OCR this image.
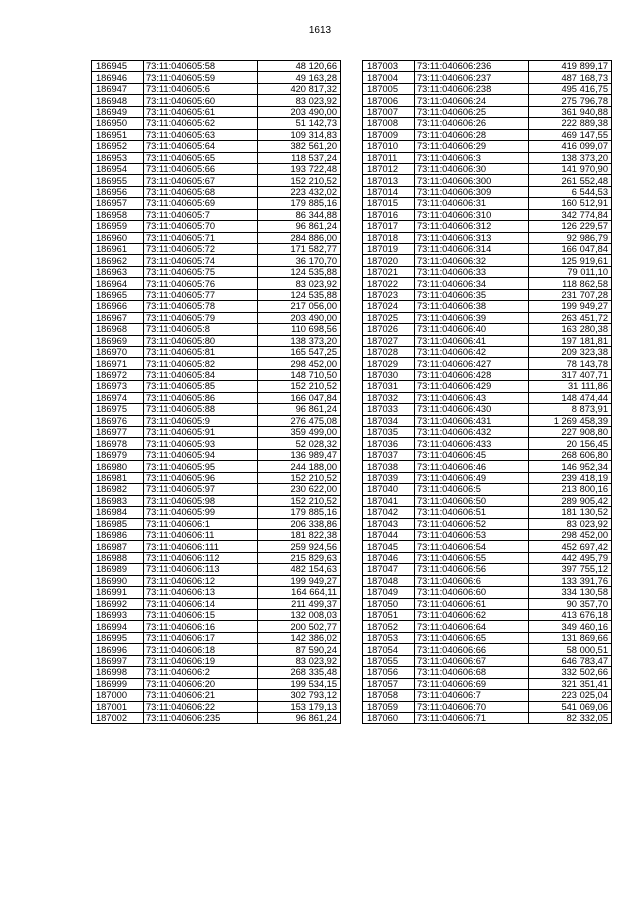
1613
186945	73:11:040605:58	48 120,66
186946	73:11:040605:59	49 163,28
186947	73:11:040605:6	420 817,32
186948	73:11:040605:60	83 023,92
186949	73:11:040605:61	203 490,00
186950	73:11:040605:62	51 142,73
186951	73:11:040605:63	109 314,83
186952	73:11:040605:64	382 561,20
186953	73:11:040605:65	118 537,24
186954	73:11:040605:66	193 722,48
186955	73:11:040605:67	152 210,52
186956	73:11:040605:68	223 432,02
186957	73:11:040605:69	179 885,16
186958	73:11:040605:7	86 344,88
186959	73:11:040605:70	96 861,24
186960	73:11:040605:71	284 886,00
186961	73:11:040605:72	171 582,77
186962	73:11:040605:74	36 170,70
186963	73:11:040605:75	124 535,88
186964	73:11:040605:76	83 023,92
186965	73:11:040605:77	124 535,88
186966	73:11:040605:78	217 056,00
186967	73:11:040605:79	203 490,00
186968	73:11:040605:8	110 698,56
186969	73:11:040605:80	138 373,20
186970	73:11:040605:81	165 547,25
186971	73:11:040605:82	298 452,00
186972	73:11:040605:84	148 710,50
186973	73:11:040605:85	152 210,52
186974	73:11:040605:86	166 047,84
186975	73:11:040605:88	96 861,24
186976	73:11:040605:9	276 475,08
186977	73:11:040605:91	359 499,00
186978	73:11:040605:93	52 028,32
186979	73:11:040605:94	136 989,47
186980	73:11:040605:95	244 188,00
186981	73:11:040605:96	152 210,52
186982	73:11:040605:97	230 622,00
186983	73:11:040605:98	152 210,52
186984	73:11:040605:99	179 885,16
186985	73:11:040606:1	206 338,86
186986	73:11:040606:11	181 822,38
186987	73:11:040606:111	259 924,56
186988	73:11:040606:112	215 829,63
186989	73:11:040606:113	482 154,63
186990	73:11:040606:12	199 949,27
186991	73:11:040606:13	164 664,11
186992	73:11:040606:14	211 499,37
186993	73:11:040606:15	132 008,03
186994	73:11:040606:16	200 502,77
186995	73:11:040606:17	142 386,02
186996	73:11:040606:18	87 590,24
186997	73:11:040606:19	83 023,92
186998	73:11:040606:2	268 335,48
186999	73:11:040606:20	199 534,15
187000	73:11:040606:21	302 793,12
187001	73:11:040606:22	153 179,13
187002	73:11:040606:235	96 861,24
187003	73:11:040606:236	419 899,17
187004	73:11:040606:237	487 168,73
187005	73:11:040606:238	495 416,75
187006	73:11:040606:24	275 796,78
187007	73:11:040606:25	361 940,88
187008	73:11:040606:26	222 889,38
187009	73:11:040606:28	469 147,55
187010	73:11:040606:29	416 099,07
187011	73:11:040606:3	138 373,20
187012	73:11:040606:30	141 970,90
187013	73:11:040606:300	261 552,48
187014	73:11:040606:309	6 544,53
187015	73:11:040606:31	160 512,91
187016	73:11:040606:310	342 774,84
187017	73:11:040606:312	126 229,57
187018	73:11:040606:313	92 986,79
187019	73:11:040606:314	166 047,84
187020	73:11:040606:32	125 919,61
187021	73:11:040606:33	79 011,10
187022	73:11:040606:34	118 862,58
187023	73:11:040606:35	231 707,28
187024	73:11:040606:38	199 949,27
187025	73:11:040606:39	263 451,72
187026	73:11:040606:40	163 280,38
187027	73:11:040606:41	197 181,81
187028	73:11:040606:42	209 323,38
187029	73:11:040606:427	78 143,78
187030	73:11:040606:428	317 407,71
187031	73:11:040606:429	31 111,86
187032	73:11:040606:43	148 474,44
187033	73:11:040606:430	8 873,91
187034	73:11:040606:431	1 269 458,39
187035	73:11:040606:432	227 908,80
187036	73:11:040606:433	20 156,45
187037	73:11:040606:45	268 606,80
187038	73:11:040606:46	146 952,34
187039	73:11:040606:49	239 418,19
187040	73:11:040606:5	213 800,16
187041	73:11:040606:50	289 905,42
187042	73:11:040606:51	181 130,52
187043	73:11:040606:52	83 023,92
187044	73:11:040606:53	298 452,00
187045	73:11:040606:54	452 697,42
187046	73:11:040606:55	442 495,79
187047	73:11:040606:56	397 755,12
187048	73:11:040606:6	133 391,76
187049	73:11:040606:60	334 130,58
187050	73:11:040606:61	90 357,70
187051	73:11:040606:62	413 676,18
187052	73:11:040606:64	349 460,16
187053	73:11:040606:65	131 869,66
187054	73:11:040606:66	58 000,51
187055	73:11:040606:67	646 783,47
187056	73:11:040606:68	332 502,66
187057	73:11:040606:69	321 351,41
187058	73:11:040606:7	223 025,04
187059	73:11:040606:70	541 069,06
187060	73:11:040606:71	82 332,05
